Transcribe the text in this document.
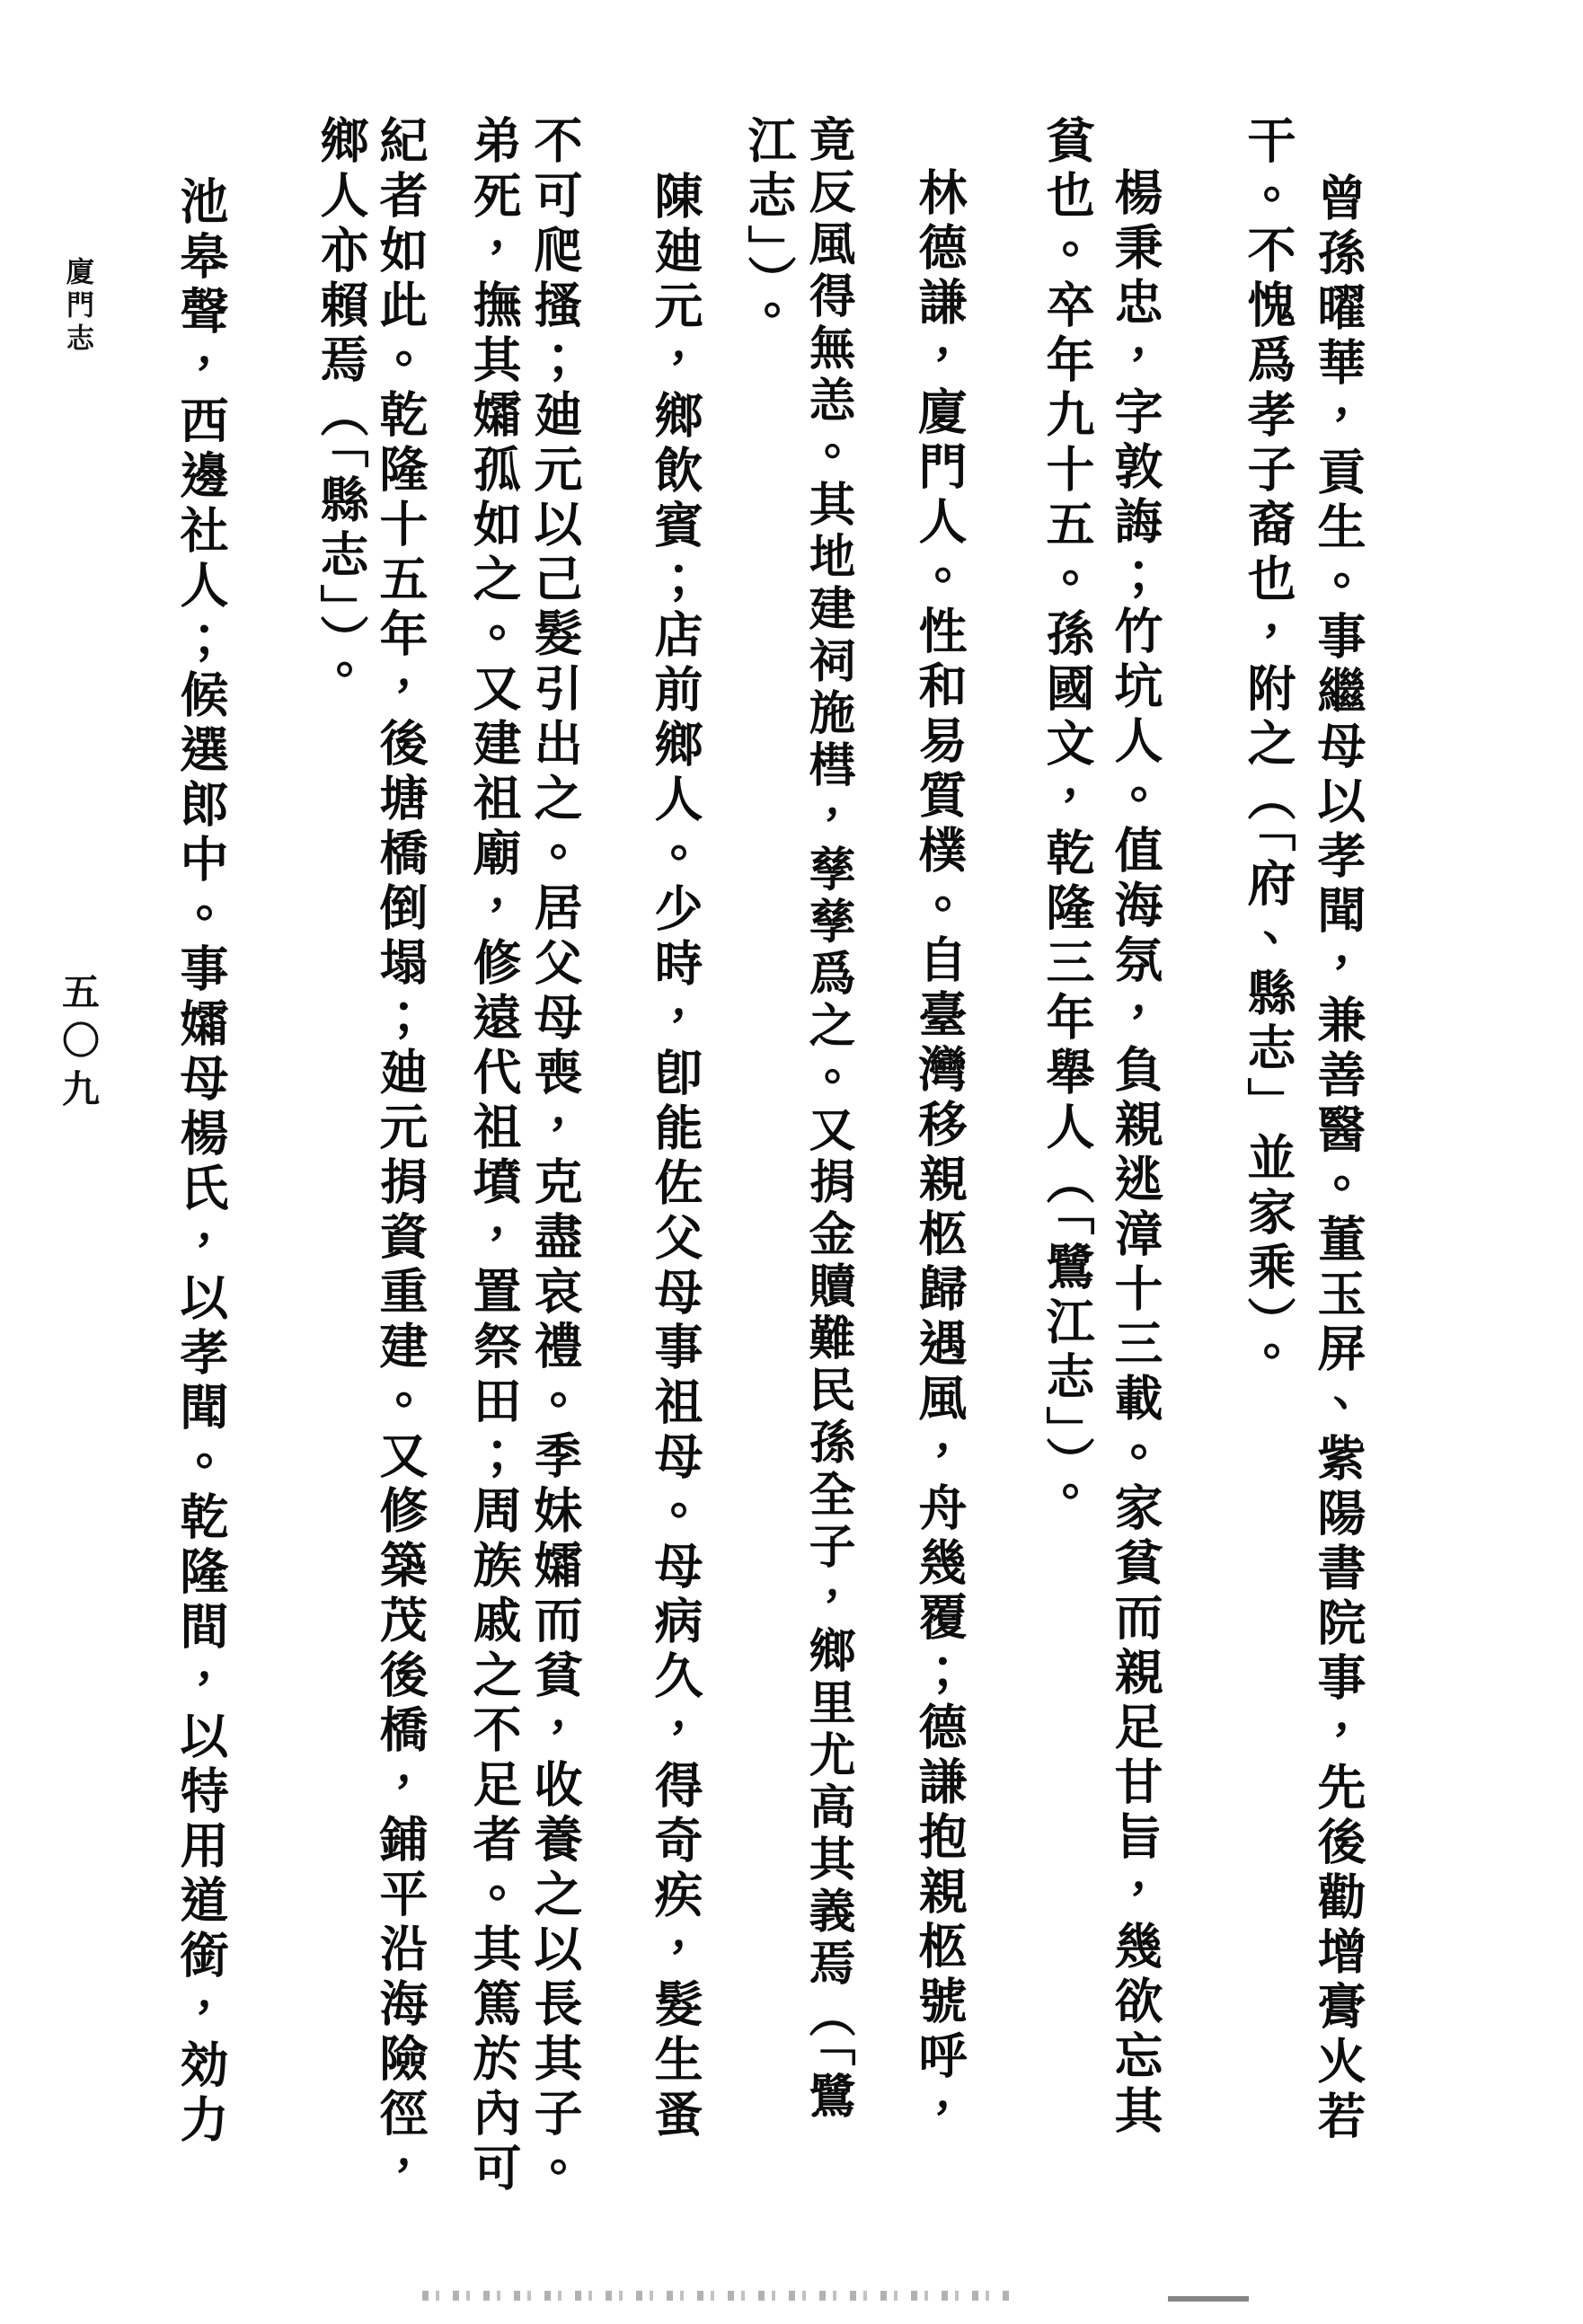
廈門志
五〇九	曾孫曜華，貢生。事繼母以孝聞，兼善醫。董玉屏、紫陽書院事，先後勸增膏火若
干。不愧爲孝子裔也，附之（「府、縣志」並家乘）。
楊秉忠，字敦誨；竹坑人。值海氛，負親逃漳十三載。家貧而親足甘旨，幾欲忘其
貧也。卒年九十五。孫國文，乾隆三年舉人（「鷺江志」）。
林德謙，廈門人。性和易質樸。自臺灣移親柩歸遇風，舟幾覆；德謙抱親柩號呼，
竟反風得無恙。其地建祠施槥，孳孳爲之。又捐金贖難民孫全子，鄉里尤高其義焉（「鷺
江志」）。
陳廸元，鄉飲賓；店前鄉人。少時，卽能佐父母事祖母。母病久，得奇疾，髮生蚤
不可爬搔；廸元以己髮引出之。居父母喪，克盡哀禮。季妹孀而貧，收養之以長其子。
弟死，撫其孀孤如之。又建祖廟，修遠代祖墳，置祭田；周族戚之不足者。其篤於內可
紀者如此。乾隆十五年，後塘橋倒塌；廸元捐資重建。又修築茂後橋，鋪平沿海險徑，
鄉人亦賴焉（「縣志」）。
池皋聲，西邊社人；候選郎中。事孀母楊氏，以孝聞。乾隆間，以特用道銜，効力
